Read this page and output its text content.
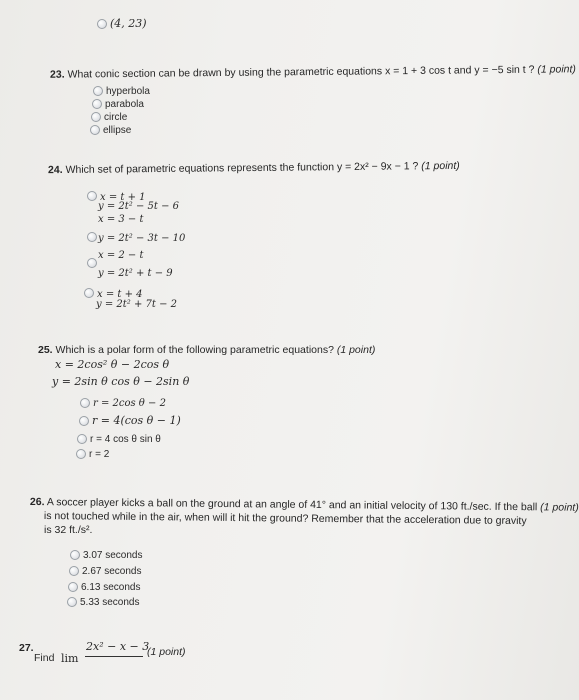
(4, 23)
23. What conic section can be drawn by using the parametric equations x = 1 + 3 cos t and y = −5 sin t ? (1 point)
hyperbola
parabola
circle
ellipse
24. Which set of parametric equations represents the function y = 2x² − 9x − 1 ? (1 point)
x = t + 1
y = 2t² − 5t − 6
x = 3 − t
y = 2t² − 3t − 10
x = 2 − t
y = 2t² + t − 9
x = t + 4
y = 2t² + 7t − 2
25. Which is a polar form of the following parametric equations? (1 point)
x = 2cos² θ − 2cos θ
y = 2sin θ cos θ − 2sin θ
r = 2cos θ − 2
r = 4(cos θ − 1)
r = 4 cos θ sin θ
r = 2
26. A soccer player kicks a ball on the ground at an angle of 41° and an initial velocity of 130 ft./sec. If the ball (1 point)
is not touched while in the air, when will it hit the ground? Remember that the acceleration due to gravity
is 32 ft./s².
3.07 seconds
2.67 seconds
6.13 seconds
5.33 seconds
27.
Find lim
2x² − x − 3
(1 point)
